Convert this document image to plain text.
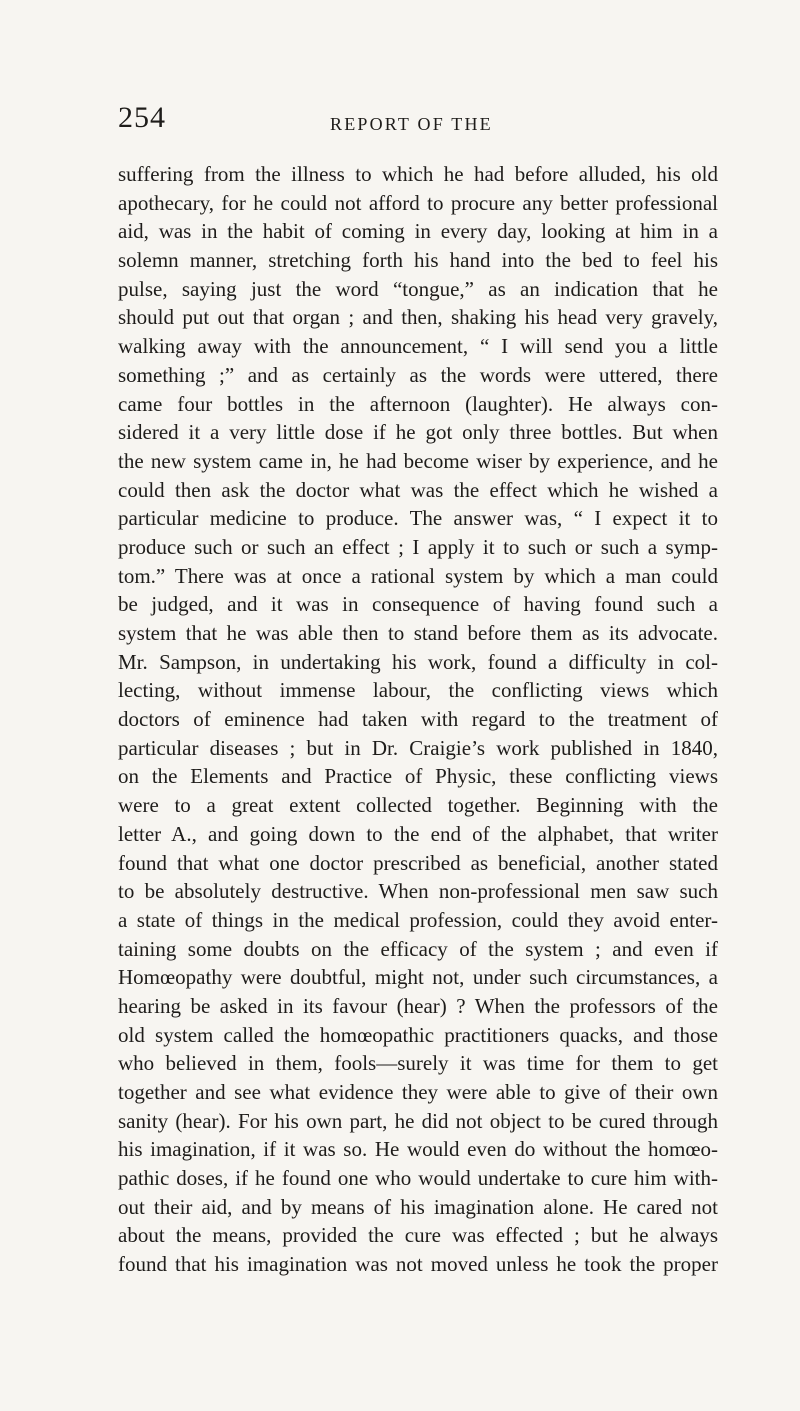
254	REPORT OF THE
suffering from the illness to which he had before alluded, his old
apothecary, for he could not afford to procure any better professional
aid, was in the habit of coming in every day, looking at him in a
solemn manner, stretching forth his hand into the bed to feel his
pulse, saying just the word “tongue,” as an indication that he
should put out that organ ; and then, shaking his head very gravely,
walking away with the announcement, “ I will send you a little
something ;” and as certainly as the words were uttered, there
came four bottles in the afternoon (laughter). He always con-
sidered it a very little dose if he got only three bottles. But when
the new system came in, he had become wiser by experience, and he
could then ask the doctor what was the effect which he wished a
particular medicine to produce. The answer was, “ I expect it to
produce such or such an effect ; I apply it to such or such a symp-
tom.” There was at once a rational system by which a man could
be judged, and it was in consequence of having found such a
system that he was able then to stand before them as its advocate.
Mr. Sampson, in undertaking his work, found a difficulty in col-
lecting, without immense labour, the conflicting views which
doctors of eminence had taken with regard to the treatment of
particular diseases ; but in Dr. Craigie’s work published in 1840,
on the Elements and Practice of Physic, these conflicting views
were to a great extent collected together. Beginning with the
letter A., and going down to the end of the alphabet, that writer
found that what one doctor prescribed as beneficial, another stated
to be absolutely destructive. When non-professional men saw such
a state of things in the medical profession, could they avoid enter-
taining some doubts on the efficacy of the system ; and even if
Homœopathy were doubtful, might not, under such circumstances, a
hearing be asked in its favour (hear) ? When the professors of the
old system called the homœopathic practitioners quacks, and those
who believed in them, fools—surely it was time for them to get
together and see what evidence they were able to give of their own
sanity (hear). For his own part, he did not object to be cured through
his imagination, if it was so. He would even do without the homœo-
pathic doses, if he found one who would undertake to cure him with-
out their aid, and by means of his imagination alone. He cared not
about the means, provided the cure was effected ; but he always
found that his imagination was not moved unless he took the proper
